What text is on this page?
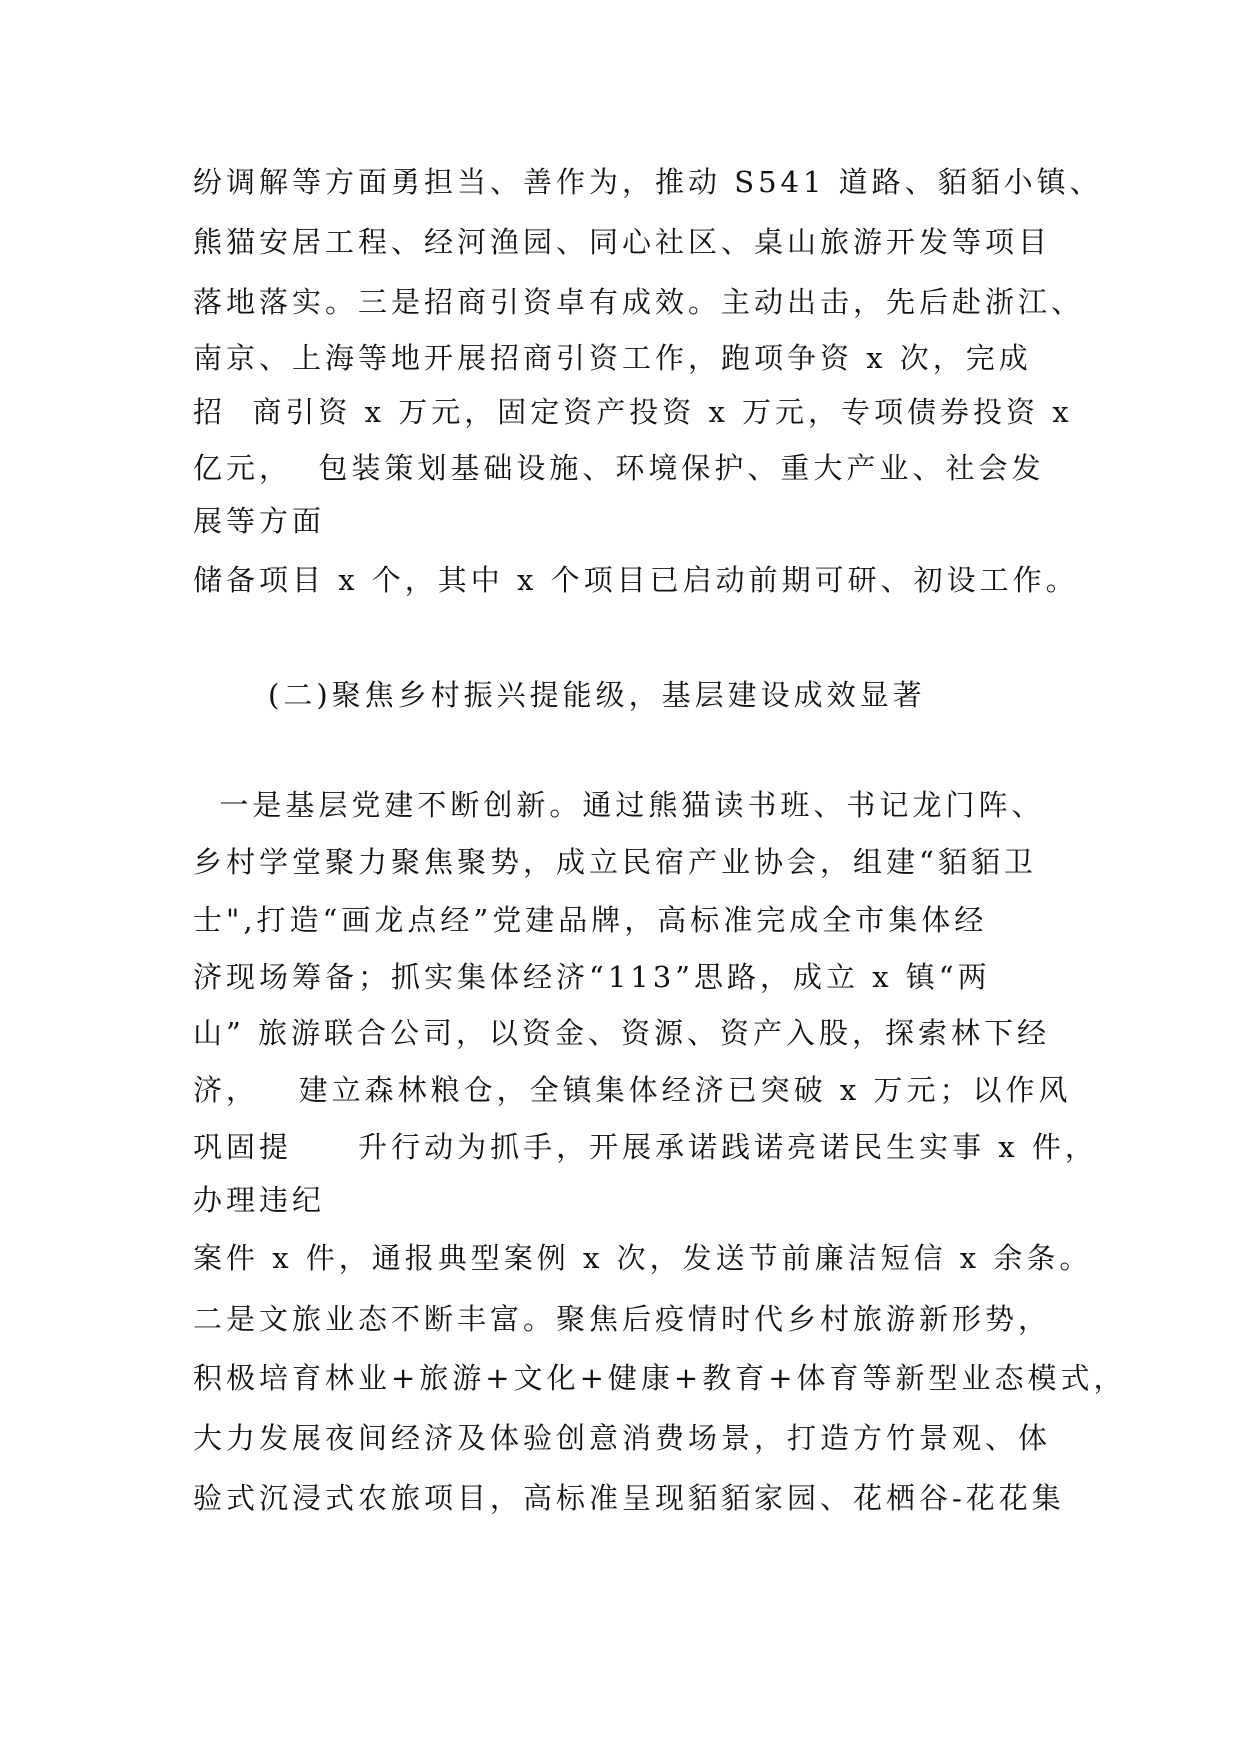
纷调解等方面勇担当、善作为，推动 S541 道路、貊貊小镇、

熊猫安居工程、经河渔园、同心社区、桌山旅游开发等项目

落地落实。三是招商引资卓有成效。主动出击，先后赴浙江、

南京、上海等地开展招商引资工作，跑项争资 x 次，完成

招  商引资 x 万元，固定资产投资 x 万元，专项债券投资 x

亿元，  包装策划基础设施、环境保护、重大产业、社会发

展等方面

储备项目 x 个，其中 x 个项目已启动前期可研、初设工作。

(二)聚焦乡村振兴提能级，基层建设成效显著

一是基层党建不断创新。通过熊猫读书班、书记龙门阵、

乡村学堂聚力聚焦聚势，成立民宿产业协会，组建“貊貊卫

士",打造“画龙点经”党建品牌，高标准完成全市集体经

济现场筹备；抓实集体经济“113”思路，成立 x 镇“两

山” 旅游联合公司，以资金、资源、资产入股，探索林下经

济，   建立森林粮仓，全镇集体经济已突破 x 万元；以作风

巩固提     升行动为抓手，开展承诺践诺亮诺民生实事 x 件，

办理违纪

案件 x 件，通报典型案例 x 次，发送节前廉洁短信 x 余条。

二是文旅业态不断丰富。聚焦后疫情时代乡村旅游新形势，

积极培育林业+旅游+文化+健康+教育+体育等新型业态模式，

大力发展夜间经济及体验创意消费场景，打造方竹景观、体

验式沉浸式农旅项目，高标准呈现貊貊家园、花栖谷-花花集
